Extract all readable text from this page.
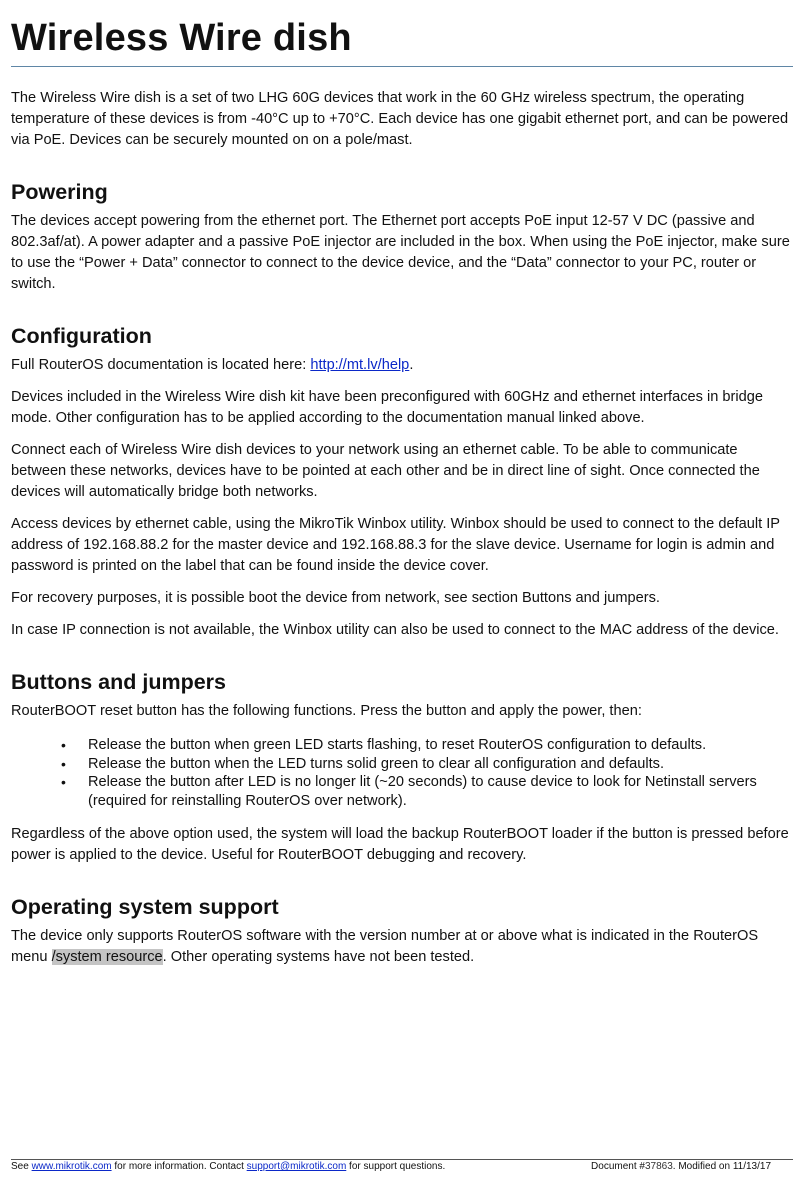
Wireless Wire dish

The Wireless Wire dish is a set of two LHG 60G devices that work in the 60 GHz wireless spectrum, the operating temperature of these devices is from -40°C up to +70°C. Each device has one gigabit ethernet port, and can be powered via PoE. Devices can be securely mounted on on a pole/mast.

Powering

The devices accept powering from the ethernet port. The Ethernet port accepts PoE input 12-57 V DC (passive and 802.3af/at). A power adapter and a passive PoE injector are included in the box. When using the PoE injector, make sure to use the “Power + Data” connector to connect to the device device, and the “Data” connector to your PC, router or switch.

Configuration

Full RouterOS documentation is located here: http://mt.lv/help.

Devices included in the Wireless Wire dish kit have been preconfigured with 60GHz and ethernet interfaces in bridge mode. Other configuration has to be applied according to the documentation manual linked above.

Connect each of Wireless Wire dish devices to your network using an ethernet cable. To be able to communicate between these networks, devices have to be pointed at each other and be in direct line of sight. Once connected the devices will automatically bridge both networks.

Access devices by ethernet cable, using the MikroTik Winbox utility. Winbox should be used to connect to the default IP address of 192.168.88.2 for the master device and 192.168.88.3 for the slave device. Username for login is admin and password is printed on the label that can be found inside the device cover.

For recovery purposes, it is possible boot the device from network, see section Buttons and jumpers.

In case IP connection is not available, the Winbox utility can also be used to connect to the MAC address of the device.

Buttons and jumpers

RouterBOOT reset button has the following functions. Press the button and apply the power, then:

• Release the button when green LED starts flashing, to reset RouterOS configuration to defaults.
• Release the button when the LED turns solid green to clear all configuration and defaults.
• Release the button after LED is no longer lit (~20 seconds) to cause device to look for Netinstall servers (required for reinstalling RouterOS over network).

Regardless of the above option used, the system will load the backup RouterBOOT loader if the button is pressed before power is applied to the device. Useful for RouterBOOT debugging and recovery.

Operating system support

The device only supports RouterOS software with the version number at or above what is indicated in the RouterOS menu /system resource. Other operating systems have not been tested.

See www.mikrotik.com for more information. Contact support@mikrotik.com for support questions.	Document #37863. Modified on 11/13/17
